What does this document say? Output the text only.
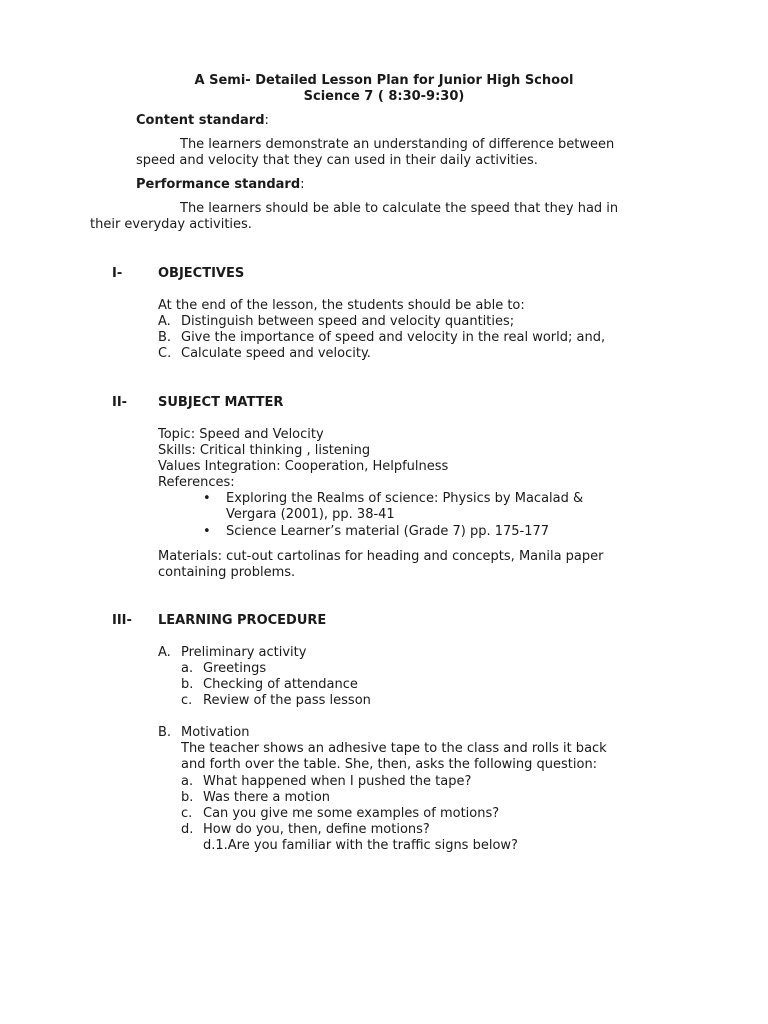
A Semi- Detailed Lesson Plan for Junior High School
Science 7 ( 8:30-9:30)
Content standard:
The learners demonstrate an understanding of difference between
speed and velocity that they can used in their daily activities.
Performance standard:
The learners should be able to calculate the speed that they had in
their everyday activities.
I-	OBJECTIVES
At the end of the lesson, the students should be able to:
A. Distinguish between speed and velocity quantities;
B. Give the importance of speed and velocity in the real world; and,
C. Calculate speed and velocity.
II- SUBJECT MATTER
Topic: Speed and Velocity
Skills: Critical thinking , listening
Values Integration: Cooperation, Helpfulness
References:
• Exploring the Realms of science: Physics by Macalad &
Vergara (2001), pp. 38-41
• Science Learner’s material (Grade 7) pp. 175-177
Materials: cut-out cartolinas for heading and concepts, Manila paper
containing problems.
III- LEARNING PROCEDURE
A. Preliminary activity
a. Greetings
b. Checking of attendance
c. Review of the pass lesson
B. Motivation
The teacher shows an adhesive tape to the class and rolls it back
and forth over the table. She, then, asks the following question:
a. What happened when I pushed the tape?
b. Was there a motion
c. Can you give me some examples of motions?
d. How do you, then, define motions?
d.1.Are you familiar with the traffic signs below?
